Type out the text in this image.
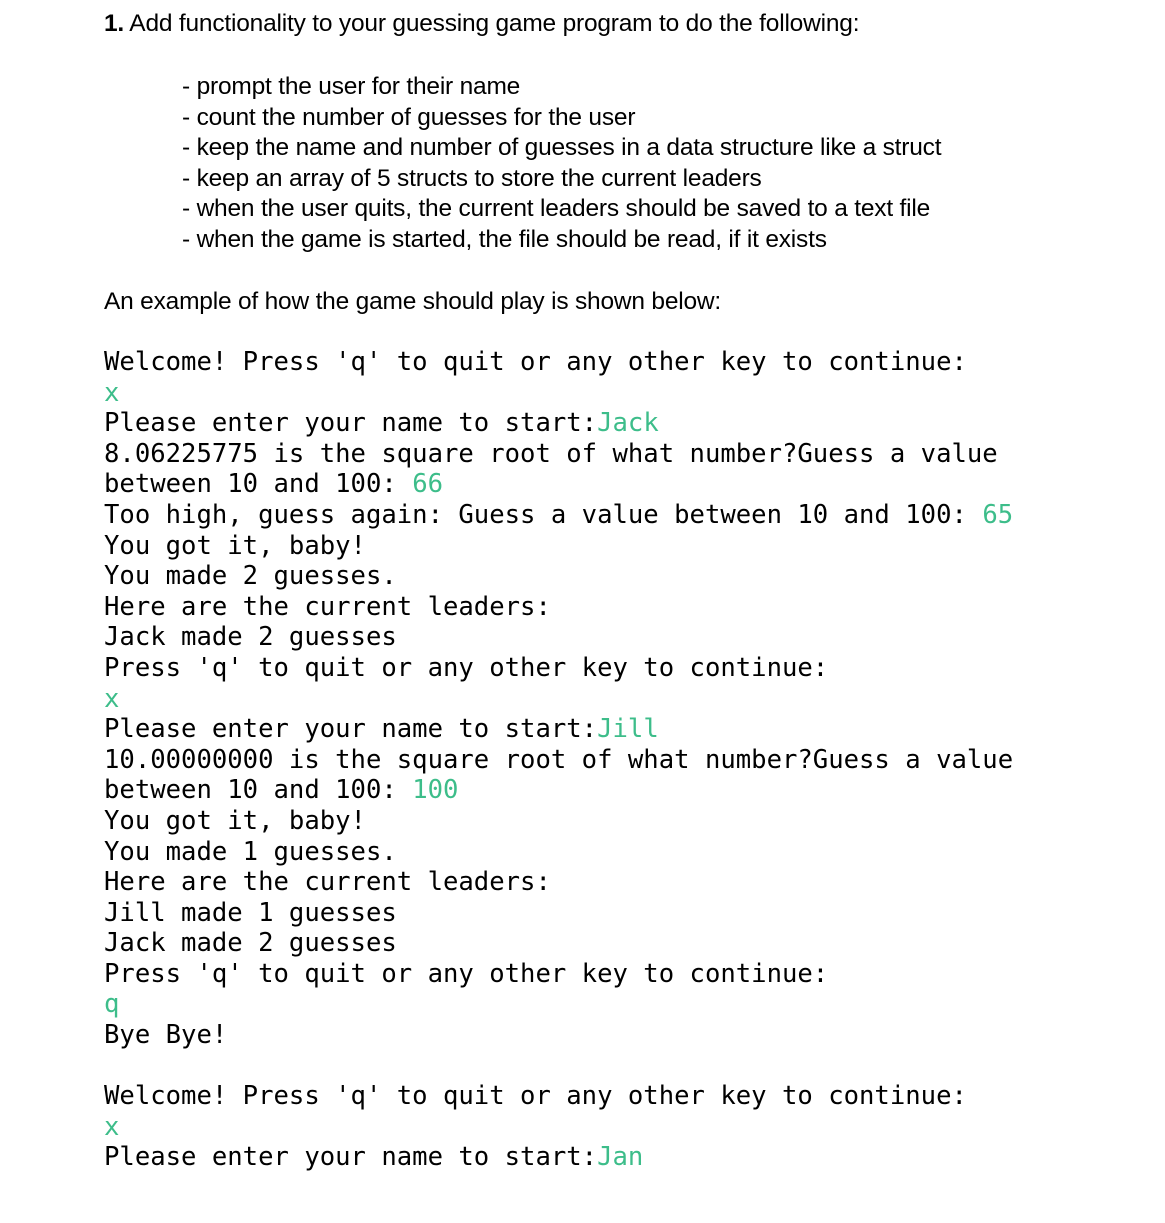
1. Add functionality to your guessing game program to do the following:
- prompt the user for their name
- count the number of guesses for the user
- keep the name and number of guesses in a data structure like a struct
- keep an array of 5 structs to store the current leaders
- when the user quits, the current leaders should be saved to a text file
- when the game is started, the file should be read, if it exists
An example of how the game should play is shown below:
Welcome! Press 'q' to quit or any other key to continue:
x
Please enter your name to start:Jack
8.06225775 is the square root of what number?Guess a value
between 10 and 100: 66
Too high, guess again: Guess a value between 10 and 100: 65
You got it, baby!
You made 2 guesses.
Here are the current leaders:
Jack made 2 guesses
Press 'q' to quit or any other key to continue:
x
Please enter your name to start:Jill
10.00000000 is the square root of what number?Guess a value
between 10 and 100: 100
You got it, baby!
You made 1 guesses.
Here are the current leaders:
Jill made 1 guesses
Jack made 2 guesses
Press 'q' to quit or any other key to continue:
q
Bye Bye!
Welcome! Press 'q' to quit or any other key to continue:
x
Please enter your name to start:Jan
